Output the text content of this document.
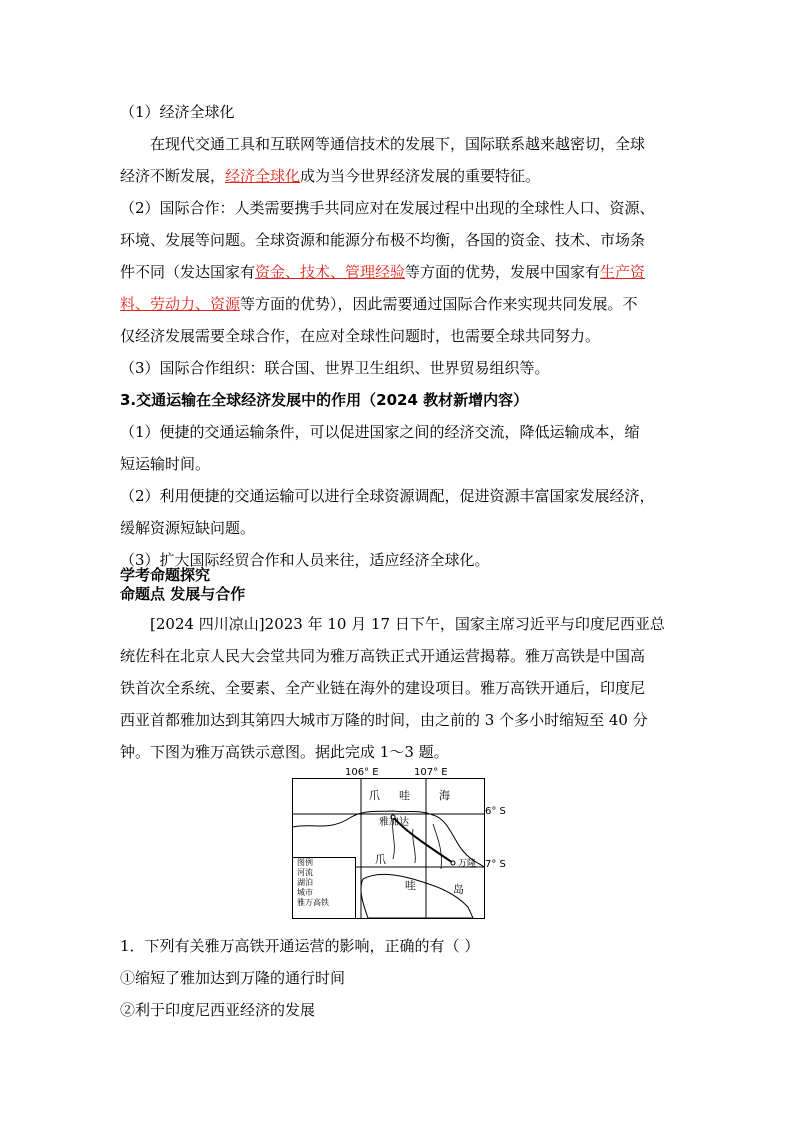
（1）经济全球化
在现代交通工具和互联网等通信技术的发展下，国际联系越来越密切，全球
经济不断发展，经济全球化成为当今世界经济发展的重要特征。
（2）国际合作：人类需要携手共同应对在发展过程中出现的全球性人口、资源、
环境、发展等问题。全球资源和能源分布极不均衡，各国的资金、技术、市场条
件不同（发达国家有资金、技术、管理经验等方面的优势，发展中国家有生产资
料、劳动力、资源等方面的优势），因此需要通过国际合作来实现共同发展。不
仅经济发展需要全球合作，在应对全球性问题时，也需要全球共同努力。
（3）国际合作组织：联合国、世界卫生组织、世界贸易组织等。
3.交通运输在全球经济发展中的作用（2024 教材新增内容）
（1）便捷的交通运输条件，可以促进国家之间的经济交流，降低运输成本，缩
短运输时间。
（2）利用便捷的交通运输可以进行全球资源调配，促进资源丰富国家发展经济，
缓解资源短缺问题。
（3）扩大国际经贸合作和人员来往，适应经济全球化。
学考命题探究
命题点 发展与合作
[2024 四川凉山]2023 年 10 月 17 日下午，国家主席习近平与印度尼西亚总
统佐科在北京人民大会堂共同为雅万高铁正式开通运营揭幕。雅万高铁是中国高
铁首次全系统、全要素、全产业链在海外的建设项目。雅万高铁开通后，印度尼
西亚首都雅加达到其第四大城市万隆的时间，由之前的 3 个多小时缩短至 40 分
钟。下图为雅万高铁示意图。据此完成 1～3 题。
106° E	107° E
6° S
7° S
爪 哇	海
雅加达
万隆
爪
哇	岛
图例
河流
湖泊
城市
雅万高铁
1．下列有关雅万高铁开通运营的影响，正确的有（ ）
①缩短了雅加达到万隆的通行时间
②利于印度尼西亚经济的发展
